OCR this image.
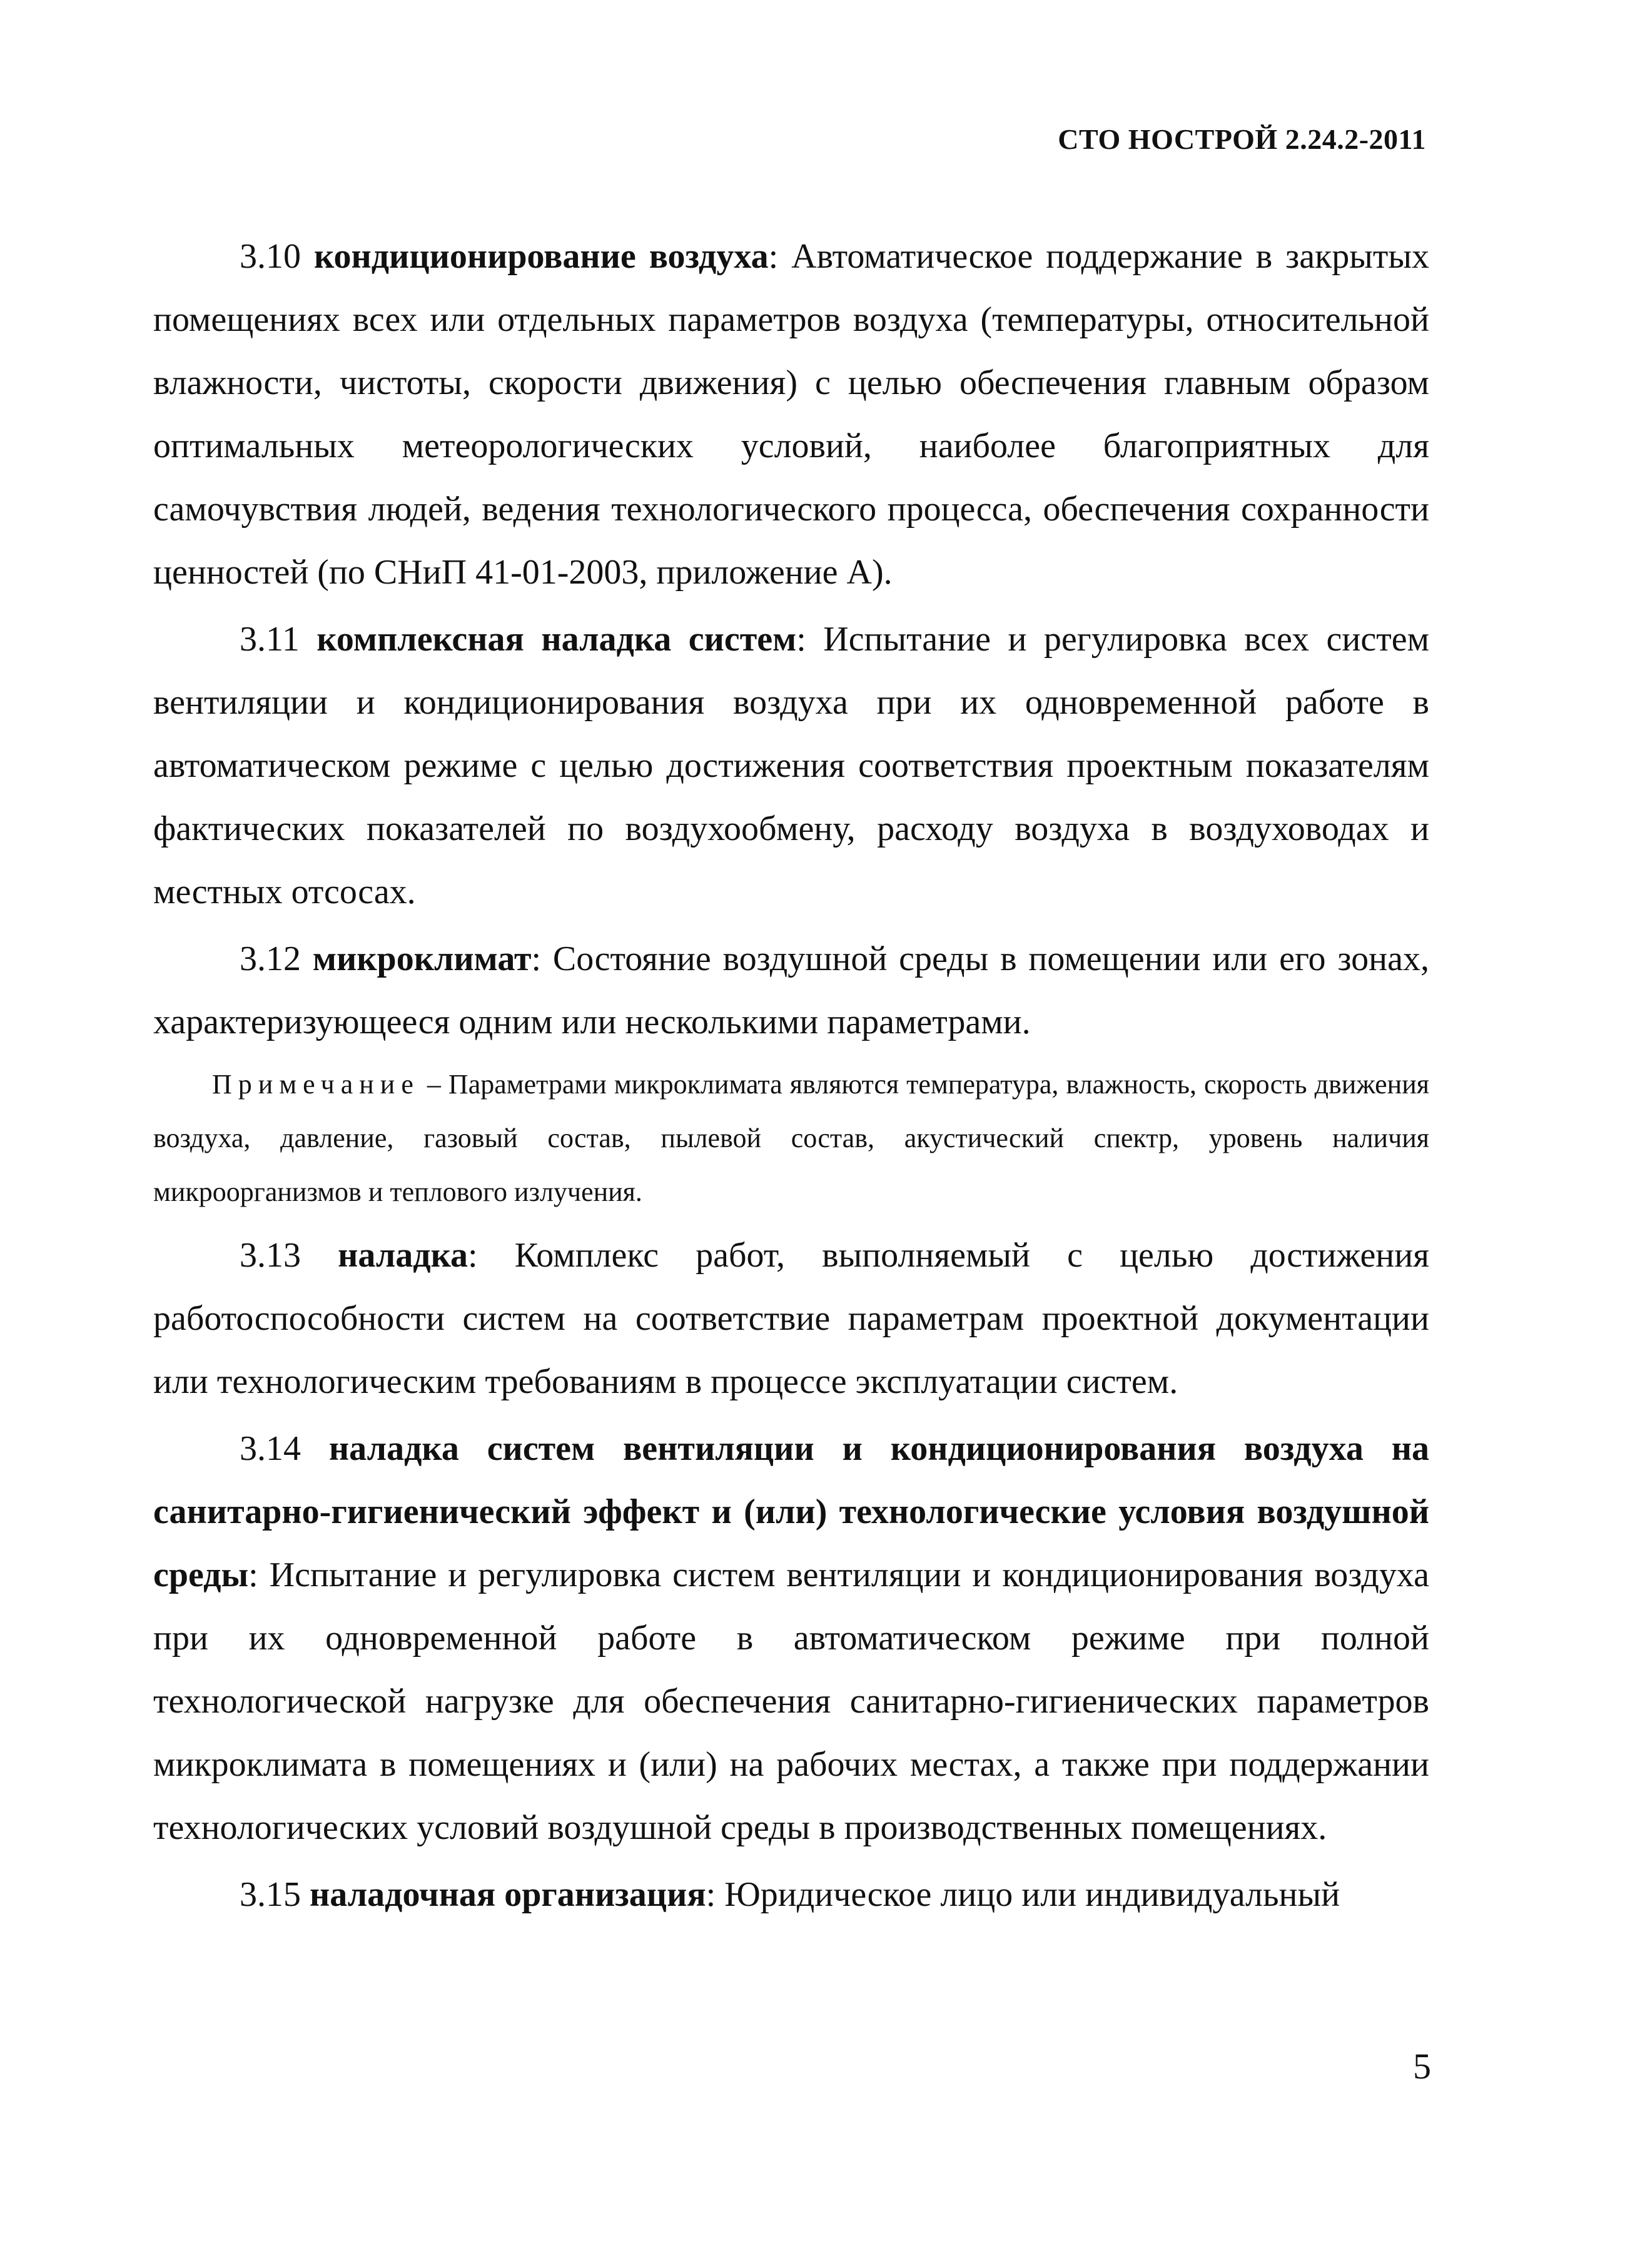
СТО НОСТРОЙ 2.24.2-2011

3.10 кондиционирование воздуха: Автоматическое поддержание в закрытых помещениях всех или отдельных параметров воздуха (температуры, относительной влажности, чистоты, скорости движения) с целью обеспечения главным образом оптимальных метеорологических условий, наиболее благоприятных для самочувствия людей, ведения технологического процесса, обеспечения сохранности ценностей (по СНиП 41-01-2003, приложение А).

3.11 комплексная наладка систем: Испытание и регулировка всех систем вентиляции и кондиционирования воздуха при их одновременной работе в автоматическом режиме с целью достижения соответствия проектным показателям фактических показателей по воздухообмену, расходу воздуха в воздуховодах и местных отсосах.

3.12 микроклимат: Состояние воздушной среды в помещении или его зонах, характеризующееся одним или несколькими параметрами.

Примечание – Параметрами микроклимата являются температура, влажность, скорость движения воздуха, давление, газовый состав, пылевой состав, акустический спектр, уровень наличия микроорганизмов и теплового излучения.

3.13 наладка: Комплекс работ, выполняемый с целью достижения работоспособности систем на соответствие параметрам проектной документации или технологическим требованиям в процессе эксплуатации систем.

3.14 наладка систем вентиляции и кондиционирования воздуха на санитарно-гигиенический эффект и (или) технологические условия воздушной среды: Испытание и регулировка систем вентиляции и кондиционирования воздуха при их одновременной работе в автоматическом режиме при полной технологической нагрузке для обеспечения санитарно-гигиенических параметров микроклимата в помещениях и (или) на рабочих местах, а также при поддержании технологических условий воздушной среды в производственных помещениях.

3.15 наладочная организация: Юридическое лицо или индивидуальный

5
